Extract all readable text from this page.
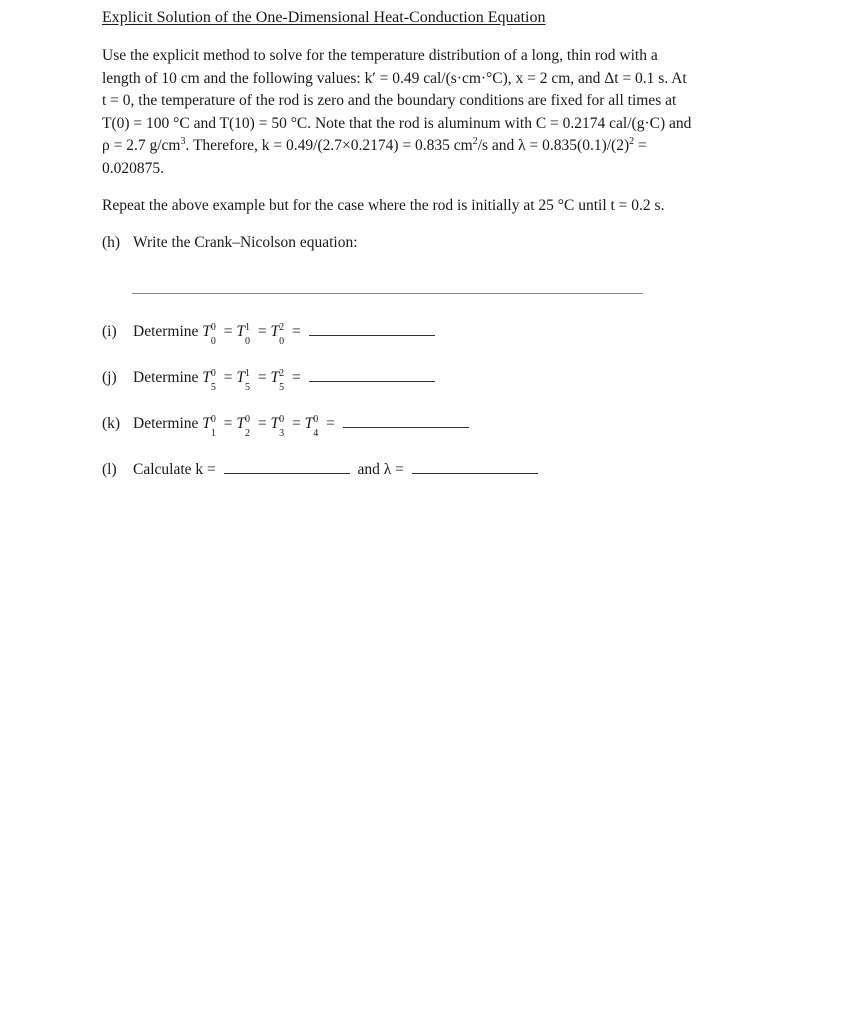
Explicit Solution of the One-Dimensional Heat-Conduction Equation
Use the explicit method to solve for the temperature distribution of a long, thin rod with a
length of 10 cm and the following values: k′ = 0.49 cal/(s·cm·°C), x = 2 cm, and Δt = 0.1 s. At
t = 0, the temperature of the rod is zero and the boundary conditions are fixed for all times at
T(0) = 100 °C and T(10) = 50 °C. Note that the rod is aluminum with C = 0.2174 cal/(g·C) and
ρ = 2.7 $g/cm^3$. Therefore, k = 0.49/(2.7×0.2174) = 0.835 $cm^2/s$ and $\lambda = 0.835(0.1)/(2)^2$ =
0.020875.
Repeat the above example but for the case where the rod is initially at 25 °C until t = 0.2 s.
(h) Write the Crank–Nicolson equation:
(i) Determine T 0
0
= T 1
0
= T 2
0
=
(j) Determine T 0
5
= T 1
5
= T 2
5
=
(k) Determine T 0
1
= T 0
2
= T 0
3
= T 0
4
=
(l) Calculate k =	and λ =
